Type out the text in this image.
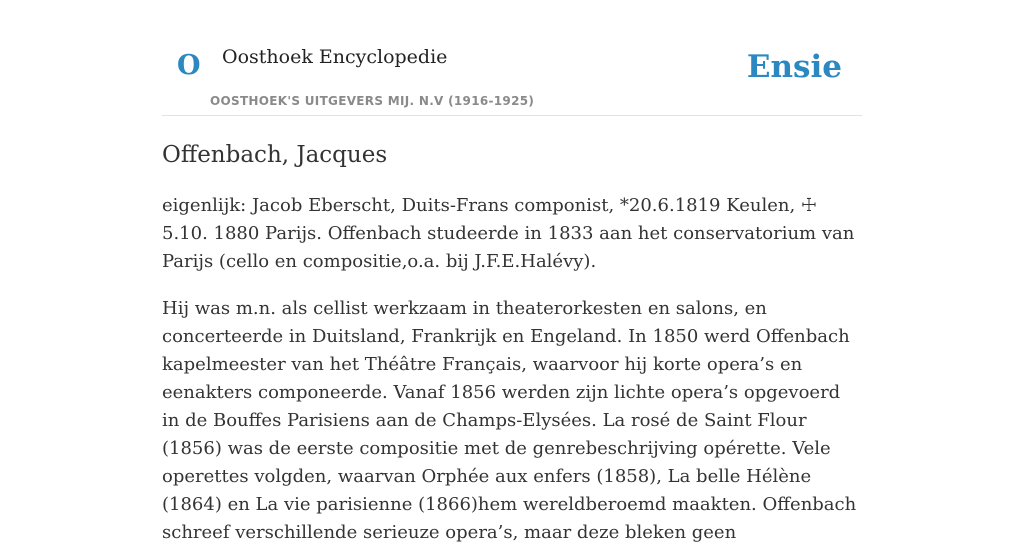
O Oosthoek Encyclopedie
OOSTHOEK'S UITGEVERS MIJ. N.V (1916-1925)
Ensie
Offenbach, Jacques

eigenlijk: Jacob Eberscht, Duits-Frans componist, *20.6.1819 Keulen, ☩ 5.10. 1880 Parijs. Offenbach studeerde in 1833 aan het conservatorium van Parijs (cello en compositie,o.a. bij J.F.E.Halévy).

Hij was m.n. als cellist werkzaam in theaterorkesten en salons, en concerteerde in Duitsland, Frankrijk en Engeland. In 1850 werd Offenbach kapelmeester van het Théâtre Français, waarvoor hij korte opera’s en eenakters componeerde. Vanaf 1856 werden zijn lichte opera’s opgevoerd in de Bouffes Parisiens aan de Champs-Elysées. La rosé de Saint Flour (1856) was de eerste compositie met de genrebeschrijving opérette. Vele operettes volgden, waarvan Orphée aux enfers (1858), La belle Hélène (1864) en La vie parisienne (1866)hem wereldberoemd maakten. Offenbach schreef verschillende serieuze opera’s, maar deze bleken geen
